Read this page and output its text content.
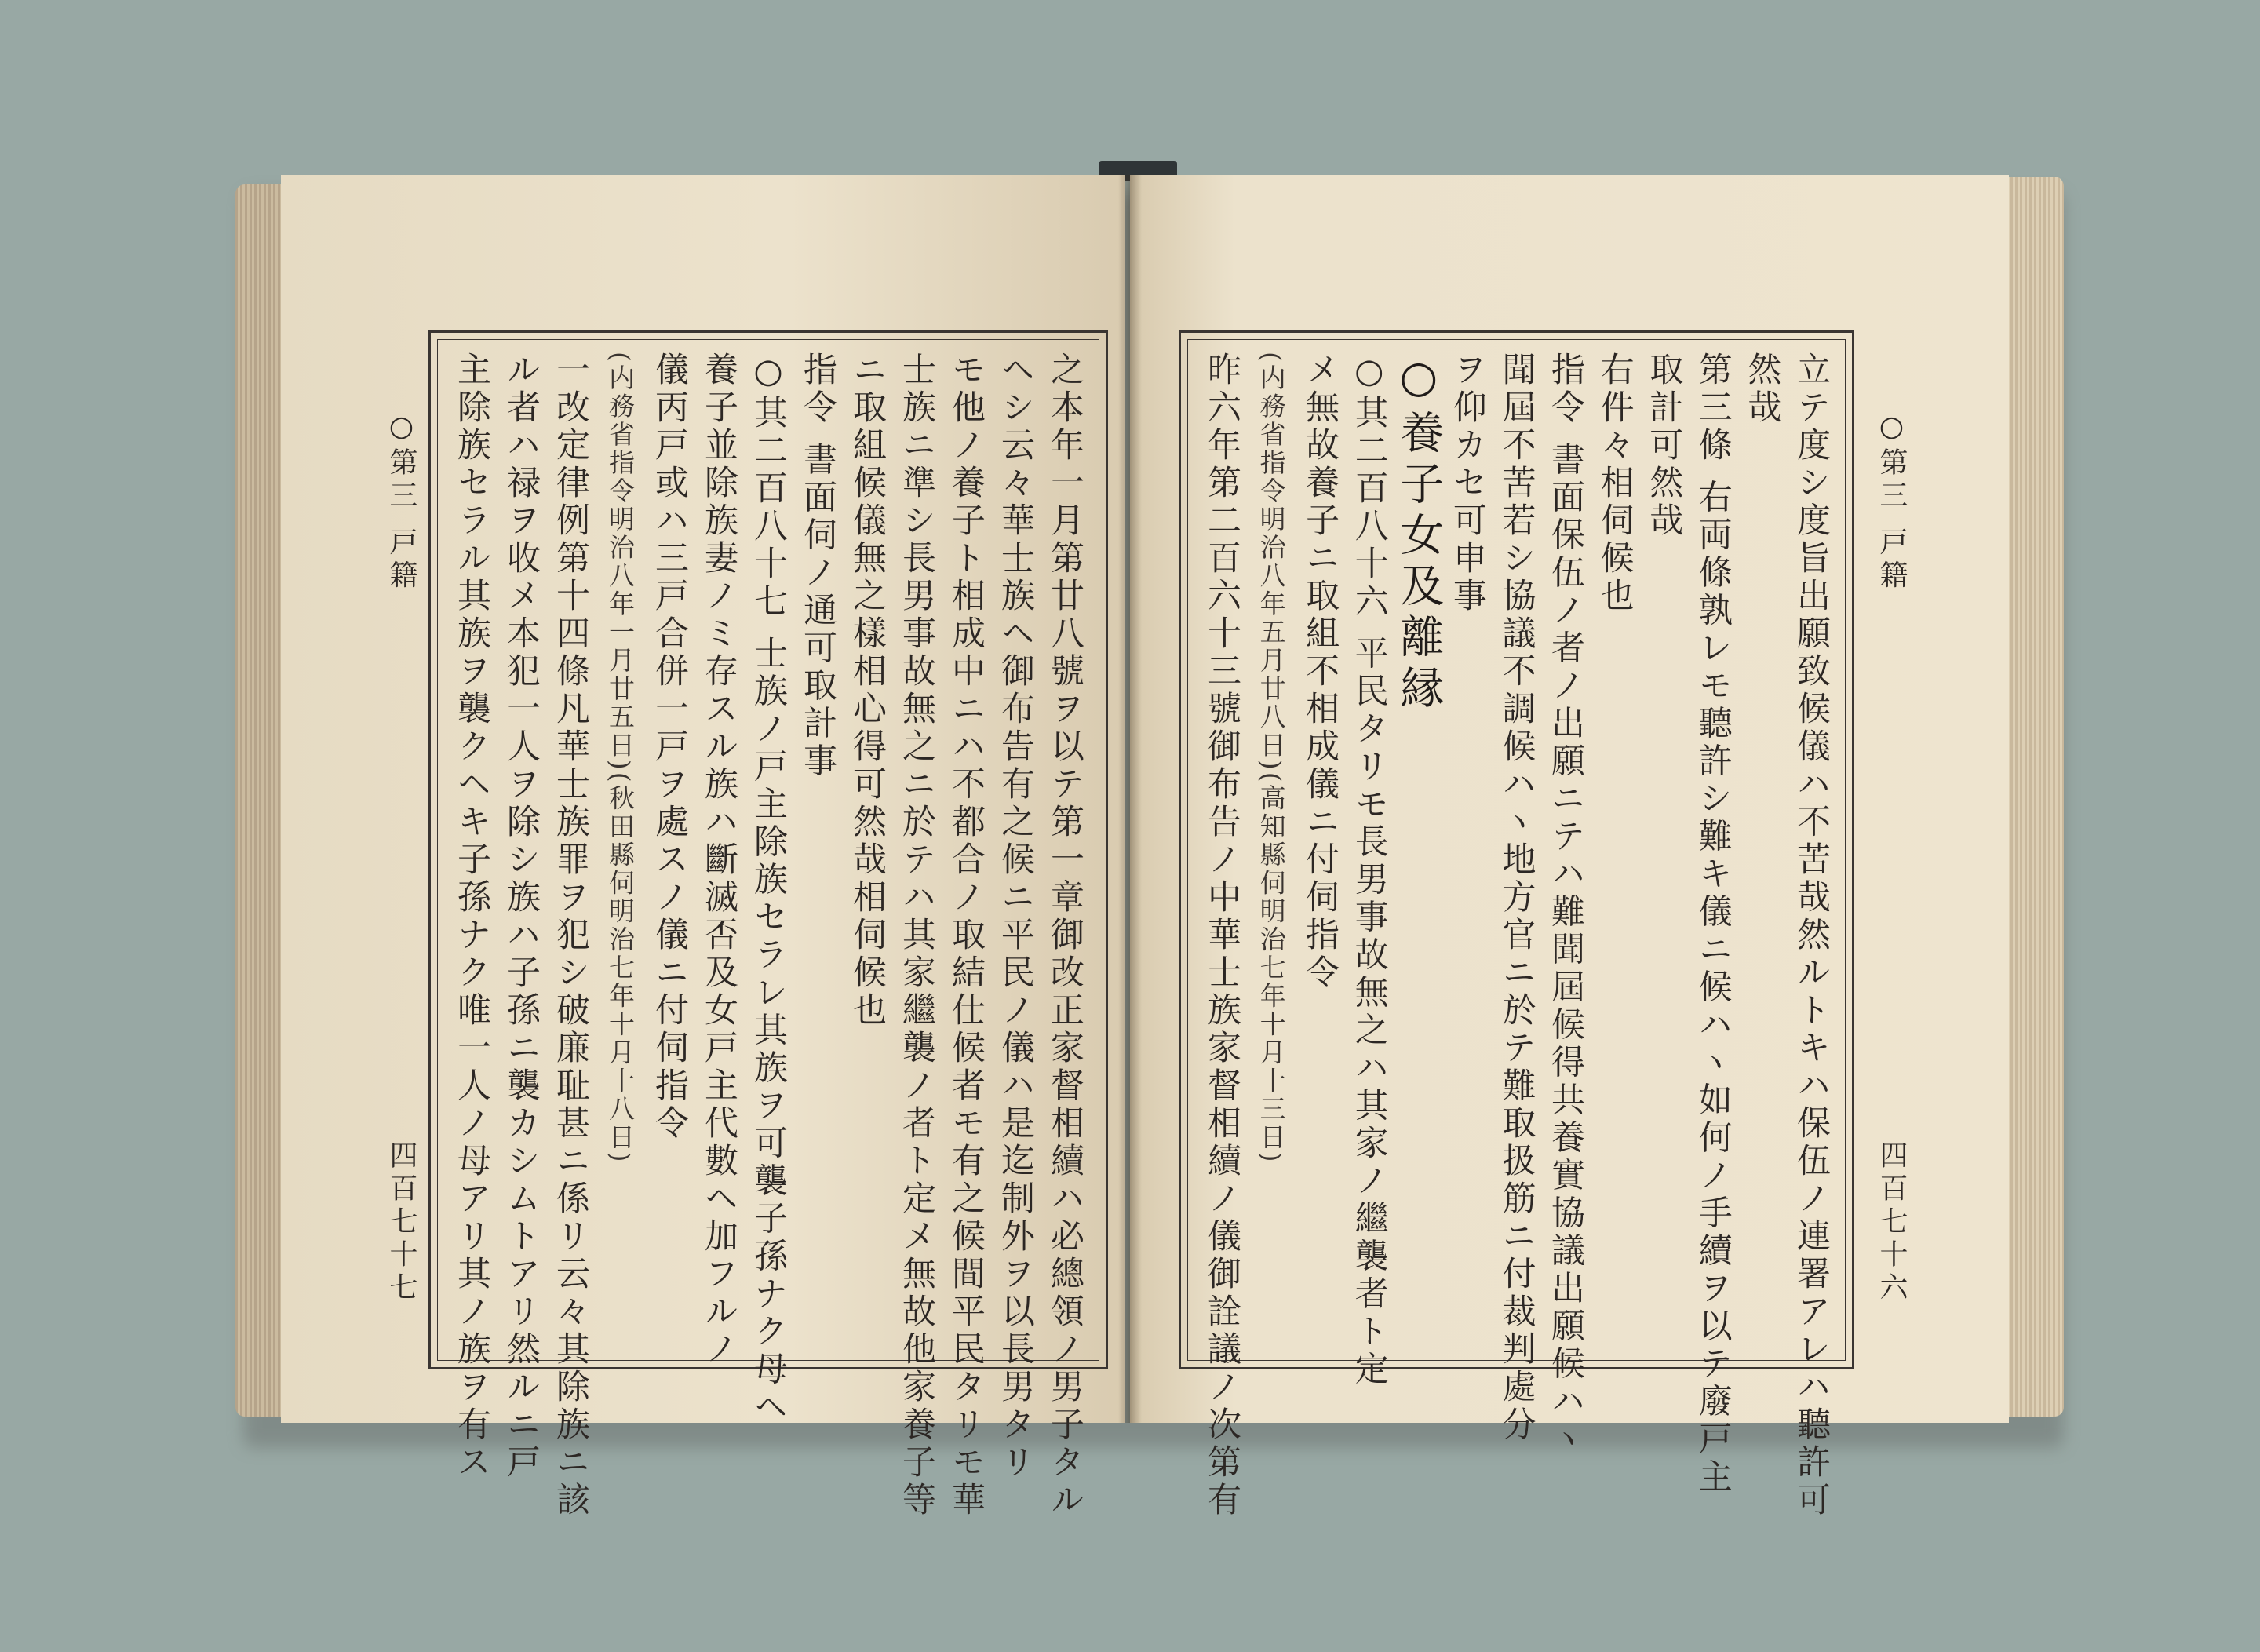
○第三 戸籍
四百七十七	之本年一月第廿八號ヲ以テ第一章御改正家督相續ハ必總領ノ男子タル
ヘシ云々華士族ヘ御布告有之候ニ平民ノ儀ハ是迄制外ヲ以長男タリ
モ他ノ養子ト相成中ニハ不都合ノ取結仕候者モ有之候間平民タリモ華
士族ニ準シ長男事故無之ニ於テハ其家繼襲ノ者ト定メ無故他家養子等
ニ取組候儀無之樣相心得可然哉相伺候也
指令 書面伺ノ通可取計事
○其二百八十七 士族ノ戸主除族セラレ其族ヲ可襲子孫ナク母ヘ
養子並除族妻ノミ存スル族ハ斷滅否及女戸主代數ヘ加フルノ
儀丙戸或ハ三戸合併一戸ヲ處スノ儀ニ付伺指令
(内務省指令明治八年一月廿五日)(秋田縣伺明治七年十月十八日)
一改定律例第十四條凡華士族罪ヲ犯シ破廉耻甚ニ係リ云々其除族ニ該
ル者ハ禄ヲ收メ本犯一人ヲ除シ族ハ子孫ニ襲カシムトアリ然ルニ戸
主除族セラル其族ヲ襲クヘキ子孫ナク唯一人ノ母アリ其ノ族ヲ有ス	○第三 戸籍
四百七十六
立テ度シ度旨出願致候儀ハ不苦哉然ルトキハ保伍ノ連署アレハ聽許可
然哉
第三條 右両條孰レモ聽許シ難キ儀ニ候ハヽ如何ノ手續ヲ以テ廢戸主
取計可然哉
右件々相伺候也
指令 書面保伍ノ者ノ出願ニテハ難聞屆候得共養實協議出願候ハヽ
聞屆不苦若シ協議不調候ハヽ地方官ニ於テ難取扱筋ニ付裁判處分
ヲ仰カセ可申事
○養子女及離縁
○其二百八十六 平民タリモ長男事故無之ハ其家ノ繼襲者ト定
メ無故養子ニ取組不相成儀ニ付伺指令
(内務省指令明治八年五月廿八日)(高知縣伺明治七年十月十三日)
昨六年第二百六十三號御布告ノ中華士族家督相續ノ儀御詮議ノ次第有
